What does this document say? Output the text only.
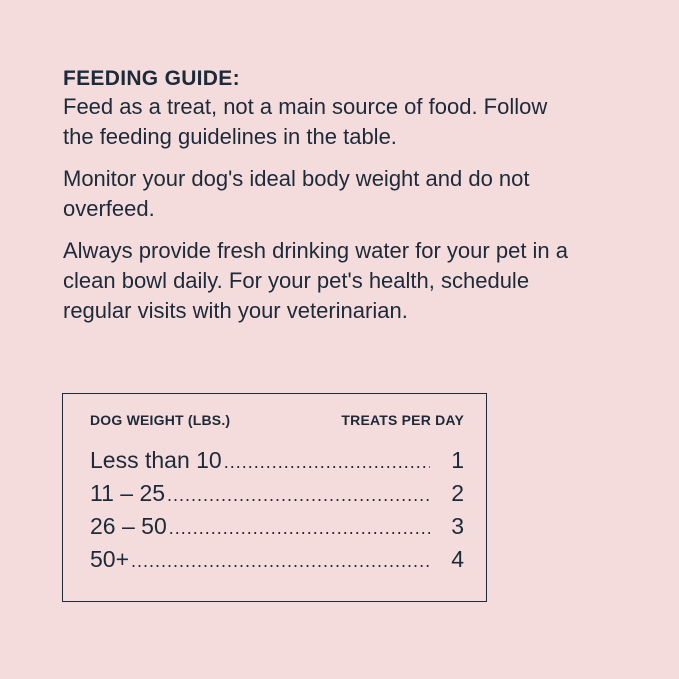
FEEDING GUIDE:

Feed as a treat, not a main source of food. Follow the feeding guidelines in the table.

Monitor your dog's ideal body weight and do not overfeed.

Always provide fresh drinking water for your pet in a clean bowl daily. For your pet's health, schedule regular visits with your veterinarian.

DOG WEIGHT (LBS.)	TREATS PER DAY
Less than 10 .....	1
11 – 25 .....	2
26 – 50 .....	3
50+ .....	4
